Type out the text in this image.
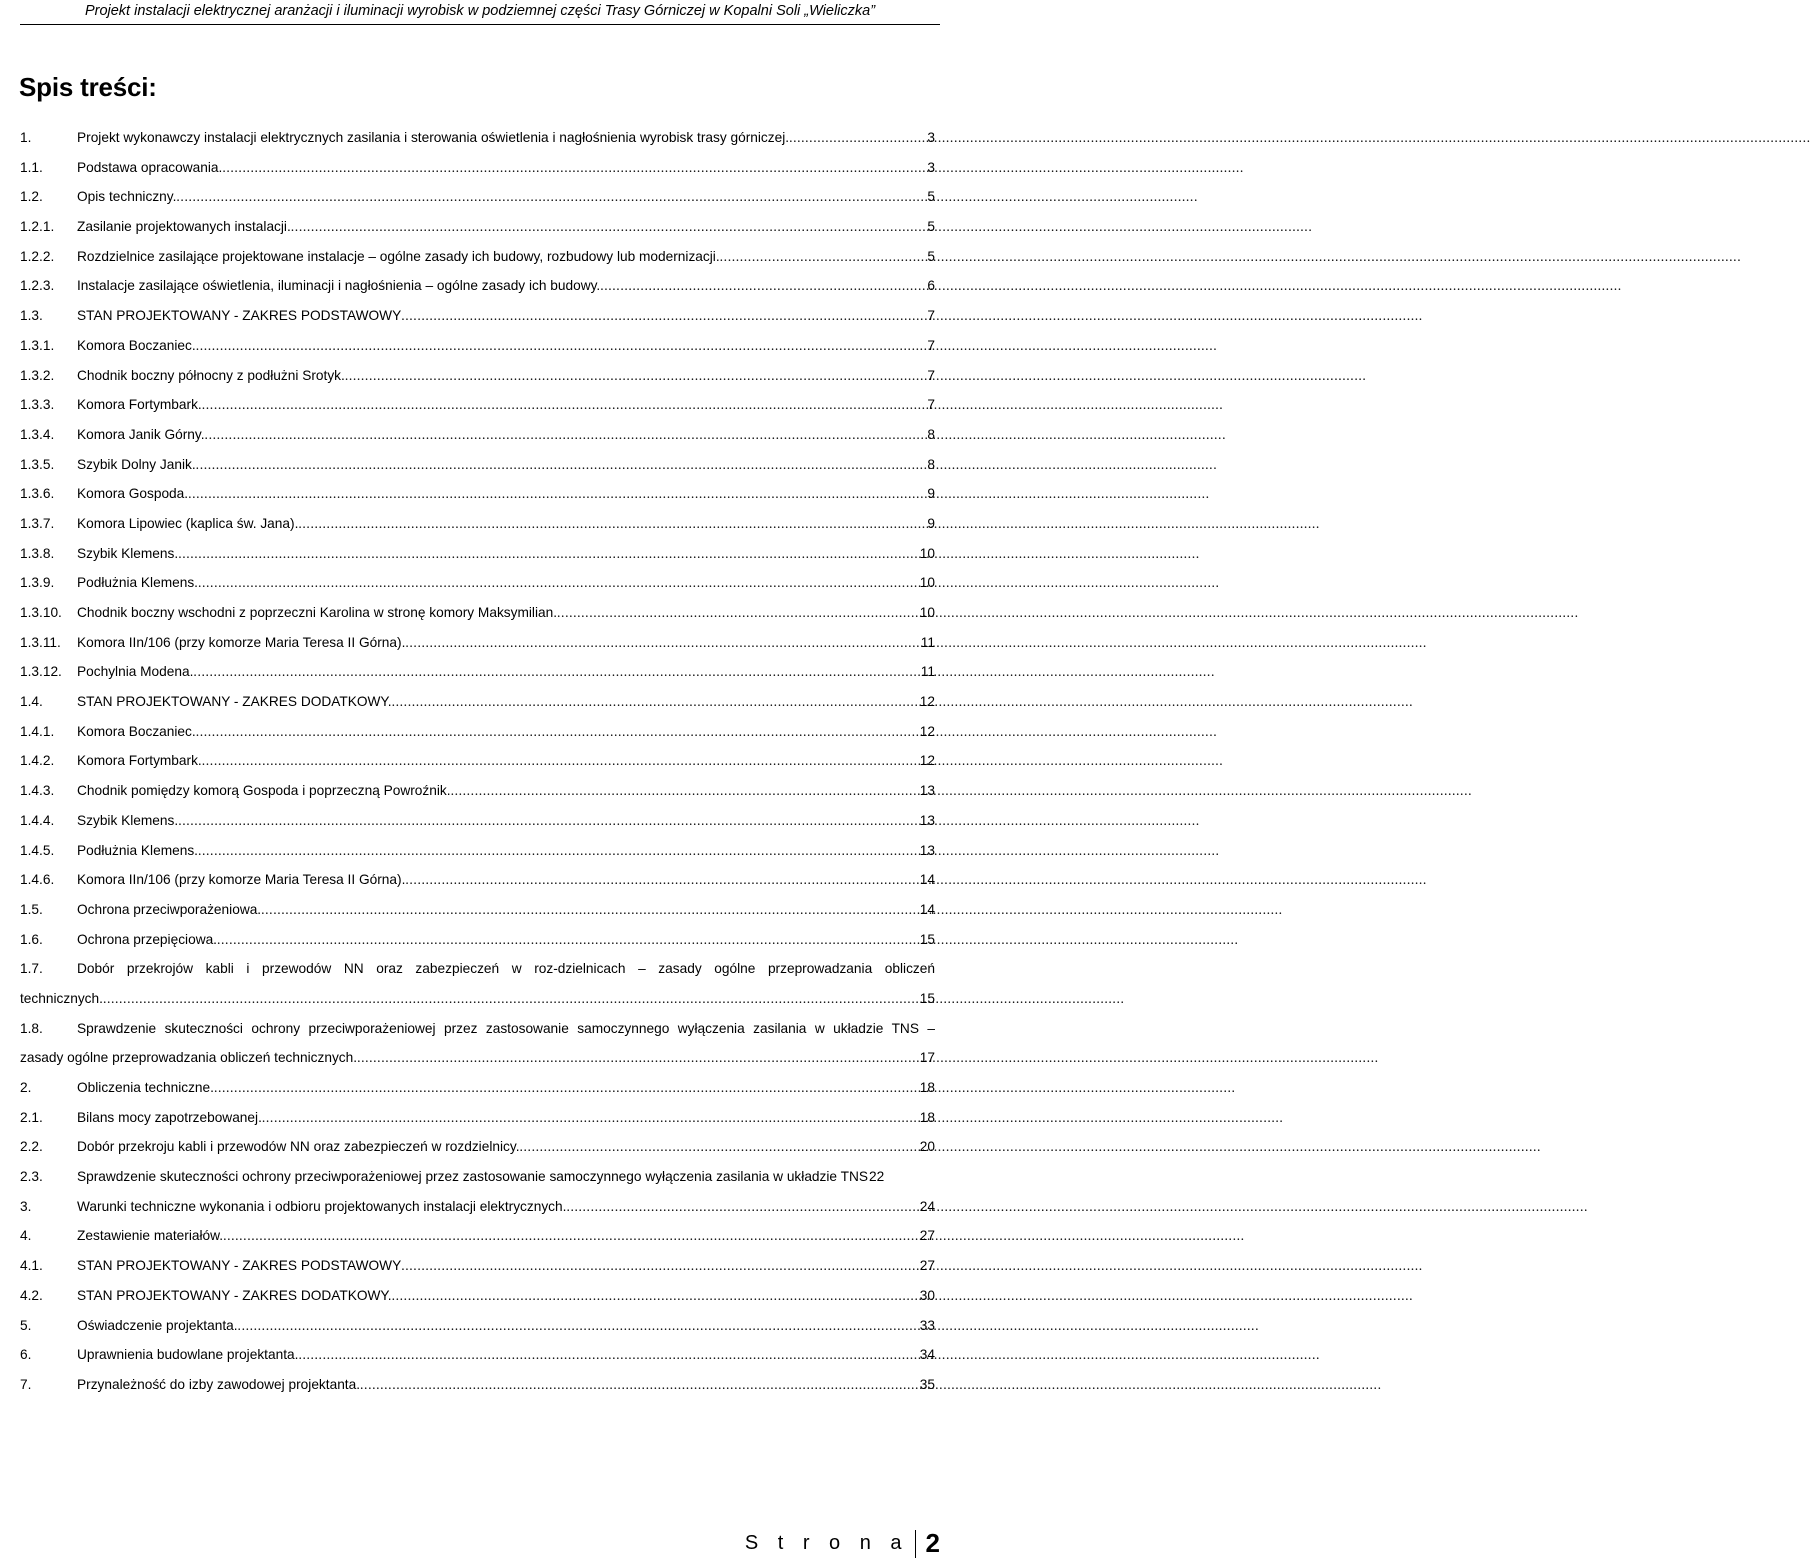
Projekt instalacji elektrycznej aranżacji i iluminacji wyrobisk w podziemnej części Trasy Górniczej w Kopalni Soli „Wieliczka”
Spis treści:
1.	Projekt wykonawczy instalacji elektrycznych zasilania i sterowania oświetlenia i nagłośnienia wyrobisk trasy górniczej. .....	3
1.1.	Podstawa opracowania. .....	3
1.2.	Opis techniczny. .....	5
1.2.1.	Zasilanie projektowanych instalacji. .....	5
1.2.2.	Rozdzielnice zasilające projektowane instalacje – ogólne zasady ich budowy, rozbudowy lub modernizacji. .....	5
1.2.3.	Instalacje zasilające oświetlenia, iluminacji i nagłośnienia – ogólne zasady ich budowy. .....	6
1.3.	STAN PROJEKTOWANY - ZAKRES PODSTAWOWY .....	7
1.3.1.	Komora Boczaniec. .....	7
1.3.2.	Chodnik boczny północny z podłużni Srotyk. .....	7
1.3.3.	Komora Fortymbark. .....	7
1.3.4.	Komora Janik Górny. .....	8
1.3.5.	Szybik Dolny Janik. .....	8
1.3.6.	Komora Gospoda. .....	9
1.3.7.	Komora Lipowiec (kaplica św. Jana). .....	9
1.3.8.	Szybik Klemens. .....	10
1.3.9.	Podłużnia Klemens. .....	10
1.3.10.	Chodnik boczny wschodni z poprzeczni Karolina w stronę komory Maksymilian. .....	10
1.3.11.	Komora IIn/106 (przy komorze Maria Teresa II Górna). .....	11
1.3.12.	Pochylnia Modena. .....	11
1.4.	STAN PROJEKTOWANY - ZAKRES DODATKOWY. .....	12
1.4.1.	Komora Boczaniec. .....	12
1.4.2.	Komora Fortymbark. .....	12
1.4.3.	Chodnik pomiędzy komorą Gospoda i poprzeczną Powroźnik. .....	13
1.4.4.	Szybik Klemens. .....	13
1.4.5.	Podłużnia Klemens. .....	13
1.4.6.	Komora IIn/106 (przy komorze Maria Teresa II Górna). .....	14
1.5.	Ochrona przeciwporażeniowa. .....	14
1.6.	Ochrona przepięciowa. .....	15
1.7.	Dobór przekrojów kabli i przewodów NN oraz zabezpieczeń w roz-dzielnicach – zasady ogólne przeprowadzania obliczeń
technicznych. .....	15
1.8.	Sprawdzenie skuteczności ochrony przeciwporażeniowej przez zastosowanie samoczynnego wyłączenia zasilania w układzie TNS –
zasady ogólne przeprowadzania obliczeń technicznych. .....	17
2.	Obliczenia techniczne. .....	18
2.1.	Bilans mocy zapotrzebowanej. .....	18
2.2.	Dobór przekroju kabli i przewodów NN oraz zabezpieczeń w rozdzielnicy. .....	20
2.3.	Sprawdzenie skuteczności ochrony przeciwporażeniowej przez zastosowanie samoczynnego wyłączenia zasilania w układzie TNS 22
3.	Warunki techniczne wykonania i odbioru projektowanych instalacji elektrycznych. .....	24
4.	Zestawienie materiałów. .....	27
4.1.	STAN PROJEKTOWANY - ZAKRES PODSTAWOWY .....	27
4.2.	STAN PROJEKTOWANY - ZAKRES DODATKOWY. .....	30
5.	Oświadczenie projektanta. .....	33
6.	Uprawnienia budowlane projektanta. .....	34
7.	Przynależność do izby zawodowej projektanta. .....	35
S t r o n a 2
